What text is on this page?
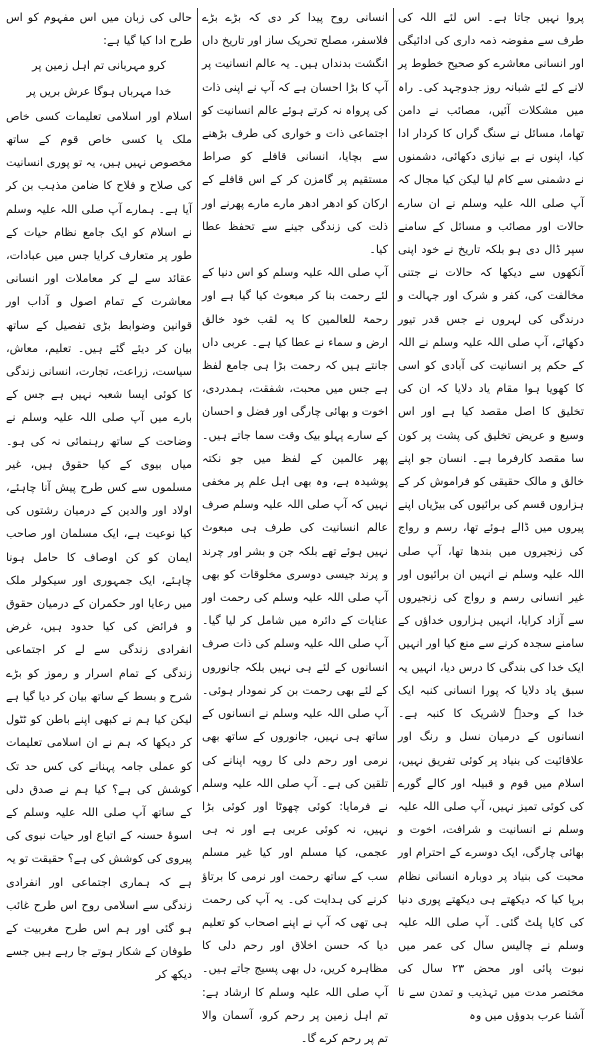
پروا نہیں جاتا ہے۔ اس لئے اللہ کی طرف سے مفوضہ ذمہ داری کی ادائیگی اور انسانی معاشرے کو صحیح خطوط پر لانے کے لئے شبانہ روز جدوجہد کی۔ راہ میں مشکلات آئیں، مصائب نے دامن تھاما، مسائل نے سنگ گراں کا کردار ادا کیا، اپنوں نے بے نیازی دکھائی، دشمنوں نے دشمنی سے کام لیا لیکن کیا مجال کہ آپ صلی اللہ علیہ وسلم نے ان سارے حالات اور مصائب و مسائل کے سامنے سپر ڈال دی ہو بلکہ تاریخ نے خود اپنی آنکھوں سے دیکھا کہ حالات نے جتنی مخالفت کی، کفر و شرک اور جہالت و درندگی کی لہروں نے جس قدر تیور دکھائے، آپ صلی اللہ علیہ وسلم نے اللہ کے حکم پر انسانیت کی آبادی کو اسی کا کھویا ہوا مقام یاد دلایا کہ ان کی تخلیق کا اصل مقصد کیا ہے اور اس وسیع و عریض تخلیق کی پشت پر کون سا مقصد کارفرما ہے۔ انسان جو اپنے خالق و مالک حقیقی کو فراموش کر کے ہزاروں قسم کی برائیوں کی بیڑیاں اپنے پیروں میں ڈالے ہوئے تھا، رسم و رواج کی زنجیروں میں بندھا تھا، آپ صلی اللہ علیہ وسلم نے انہیں ان برائیوں اور غیر انسانی رسم و رواج کی زنجیروں سے آزاد کرایا، انہیں ہزاروں خداؤں کے سامنے سجدہ کرنے سے منع کیا اور انہیں ایک خدا کی بندگی کا درس دیا، انہیں یہ سبق یاد دلایا کہ پورا انسانی کنبہ ایک خدا کے وحدہٗ لاشریک کا کنبہ ہے۔ انسانوں کے درمیان نسل و رنگ اور علاقائیت کی بنیاد پر کوئی تفریق نہیں، اسلام میں قوم و قبیلہ اور کالے گورے کی کوئی تمیز نہیں، آپ صلی اللہ علیہ وسلم نے انسانیت و شرافت، اخوت و بھائی چارگی، ایک دوسرے کے احترام اور محبت کی بنیاد پر دوبارہ انسانی نظام برپا کیا کہ دیکھتے ہی دیکھتے پوری دنیا کی کایا پلٹ گئی۔ آپ صلی اللہ علیہ وسلم نے چالیس سال کی عمر میں نبوت پائی اور محض ۲۳ سال کی مختصر مدت میں تہذیب و تمدن سے نا آشنا عرب بدوؤں میں وہ

انسانی روح پیدا کر دی کہ بڑے بڑے فلاسفر، مصلح تحریک ساز اور تاریخ داں انگشت بدنداں ہیں۔ یہ عالم انسانیت پر آپ کا بڑا احسان ہے کہ آپ نے اپنی ذات کی پرواہ نہ کرتے ہوئے عالم انسانیت کو اجتماعی ذات و خواری کی طرف بڑھنے سے بچایا، انسانی قافلے کو صراط مستقیم پر گامزن کر کے اس قافلے کے ارکان کو ادھر ادھر مارے مارے پھرنے اور ذلت کی زندگی جینے سے تحفظ عطا کیا۔

آپ صلی اللہ علیہ وسلم کو اس دنیا کے لئے رحمت بنا کر مبعوث کیا گیا ہے اور رحمۃ للعالمین کا یہ لقب خود خالق ارض و سماء نے عطا کیا ہے۔ عربی داں جانتے ہیں کہ رحمت بڑا ہی جامع لفظ ہے جس میں محبت، شفقت، ہمدردی، اخوت و بھائی چارگی اور فضل و احسان کے سارے پہلو بیک وقت سما جاتے ہیں۔ پھر عالمین کے لفظ میں جو نکتہ پوشیدہ ہے، وہ بھی اہل علم پر مخفی نہیں کہ آپ صلی اللہ علیہ وسلم صرف عالم انسانیت کی طرف ہی مبعوث نہیں ہوئے تھے بلکہ جن و بشر اور چرند و پرند جیسی دوسری مخلوقات کو بھی آپ صلی اللہ علیہ وسلم کی رحمت اور عنایات کے دائرہ میں شامل کر لیا گیا۔ آپ صلی اللہ علیہ وسلم کی ذات صرف انسانوں کے لئے ہی نہیں بلکہ جانوروں کے لئے بھی رحمت بن کر نمودار ہوئی۔ آپ صلی اللہ علیہ وسلم نے انسانوں کے ساتھ ہی نہیں، جانوروں کے ساتھ بھی نرمی اور رحم دلی کا رویہ اپنانے کی تلقین کی ہے۔ آپ صلی اللہ علیہ وسلم نے فرمایا: کوئی چھوٹا اور کوئی بڑا نہیں، نہ کوئی عربی ہے اور نہ ہی عجمی، کیا مسلم اور کیا غیر مسلم سب کے ساتھ رحمت اور نرمی کا برتاؤ کرنے کی ہدایت کی۔ یہ آپ کی رحمت ہی تھی کہ آپ نے اپنے اصحاب کو تعلیم دیا کہ حسن اخلاق اور رحم دلی کا مظاہرہ کریں، دل بھی پسیج جاتے ہیں۔ آپ صلی اللہ علیہ وسلم کا ارشاد ہے: تم اہل زمین پر رحم کرو، آسمان والا تم پر رحم کرے گا۔

حالی کی زبان میں اس مفہوم کو اس طرح ادا کیا گیا ہے:

کرو مہربانی تم اہل زمین پر

خدا مہرباں ہوگا عرش بریں پر

اسلام اور اسلامی تعلیمات کسی خاص ملک یا کسی خاص قوم کے ساتھ مخصوص نہیں ہیں، یہ تو پوری انسانیت کی صلاح و فلاح کا ضامن مذہب بن کر آیا ہے۔ ہمارے آپ صلی اللہ علیہ وسلم نے اسلام کو ایک جامع نظام حیات کے طور پر متعارف کرایا جس میں عبادات، عقائد سے لے کر معاملات اور انسانی معاشرت کے تمام اصول و آداب اور قوانین وضوابط بڑی تفصیل کے ساتھ بیان کر دیئے گئے ہیں۔ تعلیم، معاش، سیاست، زراعت، تجارت، انسانی زندگی کا کوئی ایسا شعبہ نہیں ہے جس کے بارے میں آپ صلی اللہ علیہ وسلم نے وضاحت کے ساتھ رہنمائی نہ کی ہو۔ میاں بیوی کے کیا حقوق ہیں، غیر مسلموں سے کس طرح پیش آنا چاہئے، اولاد اور والدین کے درمیان رشتوں کی کیا نوعیت ہے، ایک مسلمان اور صاحب ایمان کو کن اوصاف کا حامل ہونا چاہئے، ایک جمہوری اور سیکولر ملک میں رعایا اور حکمران کے درمیان حقوق و فرائض کی کیا حدود ہیں، غرض انفرادی زندگی سے لے کر اجتماعی زندگی کے تمام اسرار و رموز کو بڑے شرح و بسط کے ساتھ بیان کر دیا گیا ہے لیکن کیا ہم نے کبھی اپنے باطن کو ٹٹول کر دیکھا کہ ہم نے ان اسلامی تعلیمات کو عملی جامہ پہنانے کی کس حد تک کوشش کی ہے؟ کیا ہم نے صدق دلی کے ساتھ آپ صلی اللہ علیہ وسلم کے اسوۂ حسنہ کے اتباع اور حیات نبوی کی پیروی کی کوشش کی ہے؟ حقیقت تو یہ ہے کہ ہماری اجتماعی اور انفرادی زندگی سے اسلامی روح اس طرح غائب ہو گئی اور ہم اس طرح مغربیت کے طوفان کے شکار ہوتے جا رہے ہیں جسے دیکھ کر
